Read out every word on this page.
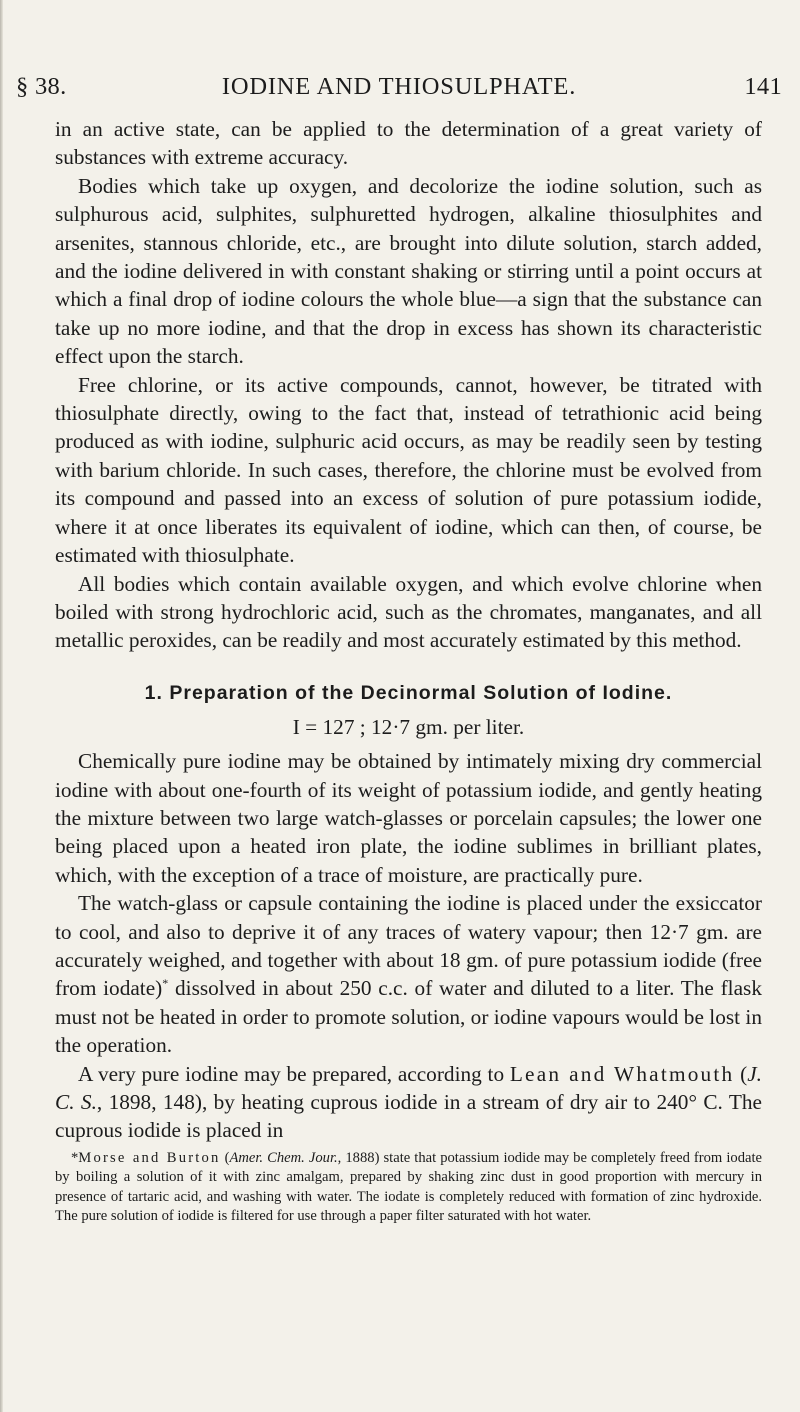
§ 38.	IODINE AND THIOSULPHATE.	141

in an active state, can be applied to the determination of a great variety of substances with extreme accuracy.

Bodies which take up oxygen, and decolorize the iodine solution, such as sulphurous acid, sulphites, sulphuretted hydrogen, alkaline thiosulphites and arsenites, stannous chloride, etc., are brought into dilute solution, starch added, and the iodine delivered in with constant shaking or stirring until a point occurs at which a final drop of iodine colours the whole blue—a sign that the substance can take up no more iodine, and that the drop in excess has shown its characteristic effect upon the starch.

Free chlorine, or its active compounds, cannot, however, be titrated with thiosulphate directly, owing to the fact that, instead of tetrathionic acid being produced as with iodine, sulphuric acid occurs, as may be readily seen by testing with barium chloride. In such cases, therefore, the chlorine must be evolved from its compound and passed into an excess of solution of pure potassium iodide, where it at once liberates its equivalent of iodine, which can then, of course, be estimated with thiosulphate.

All bodies which contain available oxygen, and which evolve chlorine when boiled with strong hydrochloric acid, such as the chromates, manganates, and all metallic peroxides, can be readily and most accurately estimated by this method.

1. Preparation of the Decinormal Solution of Iodine.
I = 127 ; 12·7 gm. per liter.

Chemically pure iodine may be obtained by intimately mixing dry commercial iodine with about one-fourth of its weight of potassium iodide, and gently heating the mixture between two large watch-glasses or porcelain capsules; the lower one being placed upon a heated iron plate, the iodine sublimes in brilliant plates, which, with the exception of a trace of moisture, are practically pure.

The watch-glass or capsule containing the iodine is placed under the exsiccator to cool, and also to deprive it of any traces of watery vapour; then 12·7 gm. are accurately weighed, and together with about 18 gm. of pure potassium iodide (free from iodate)* dissolved in about 250 c.c. of water and diluted to a liter. The flask must not be heated in order to promote solution, or iodine vapours would be lost in the operation.

A very pure iodine may be prepared, according to Lean and Whatmouth (J. C. S., 1898, 148), by heating cuprous iodide in a stream of dry air to 240° C. The cuprous iodide is placed in

*Morse and Burton (Amer. Chem. Jour., 1888) state that potassium iodide may be completely freed from iodate by boiling a solution of it with zinc amalgam, prepared by shaking zinc dust in good proportion with mercury in presence of tartaric acid, and washing with water. The iodate is completely reduced with formation of zinc hydroxide. The pure solution of iodide is filtered for use through a paper filter saturated with hot water.
